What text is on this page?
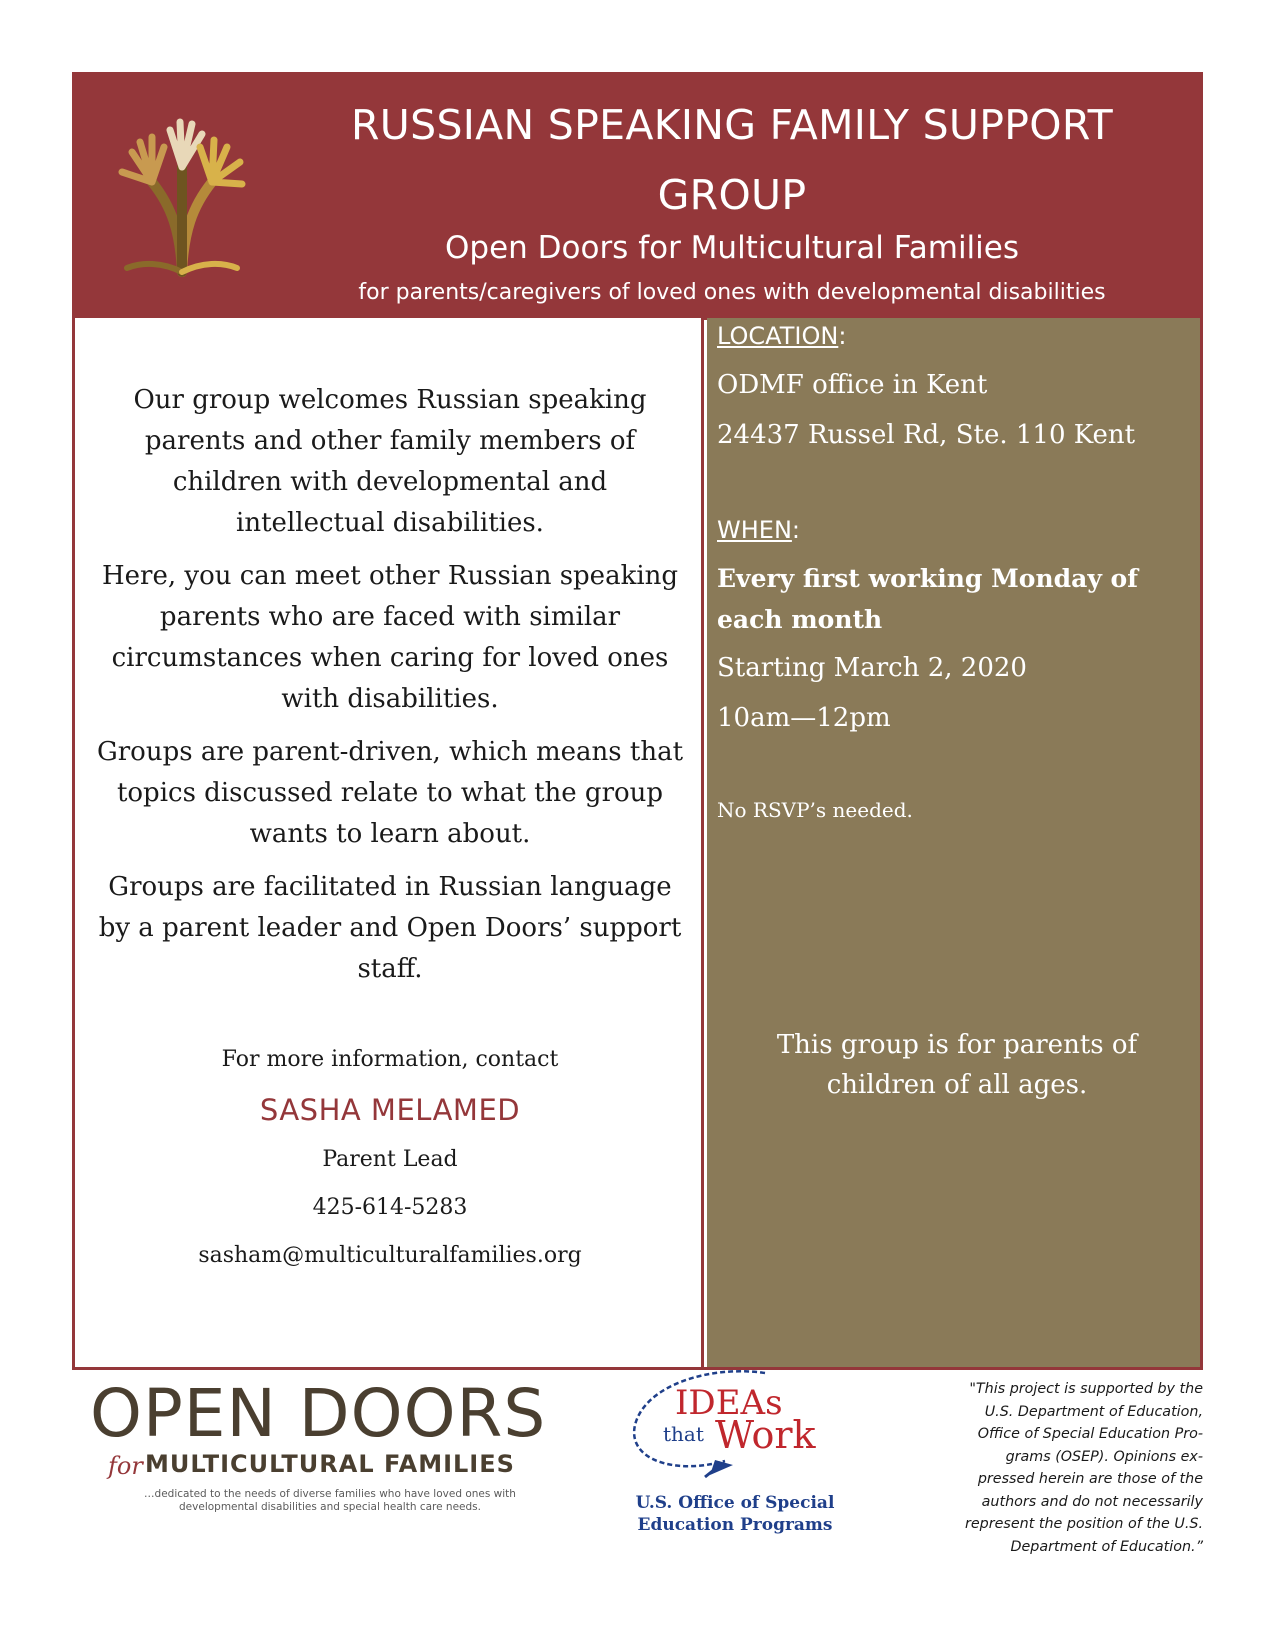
RUSSIAN SPEAKING FAMILY SUPPORT
GROUP
Open Doors for Multicultural Families
for parents/caregivers of loved ones with developmental disabilities

Our group welcomes Russian speaking parents and other family members of children with developmental and intellectual disabilities.

Here, you can meet other Russian speaking parents who are faced with similar circumstances when caring for loved ones with disabilities.

Groups are parent-driven, which means that topics discussed relate to what the group wants to learn about.

Groups are facilitated in Russian language by a parent leader and Open Doors’ support staff.

For more information, contact
SASHA MELAMED
Parent Lead
425-614-5283
sasham@multiculturalfamilies.org
LOCATION:
ODMF office in Kent
24437 Russel Rd, Ste. 110 Kent
WHEN:
Every first working Monday of each month
Starting March 2, 2020
10am—12pm
No RSVP’s needed.
This group is for parents of children of all ages.
OPEN DOORS
for MULTICULTURAL FAMILIES
…dedicated to the needs of diverse families who have loved ones with
developmental disabilities and special health care needs.
IDEAs
that Work
U.S. Office of Special
Education Programs
"This project is supported by the
U.S. Department of Education,
Office of Special Education Pro-
grams (OSEP). Opinions ex-
pressed herein are those of the
authors and do not necessarily
represent the position of the U.S.
Department of Education.”
